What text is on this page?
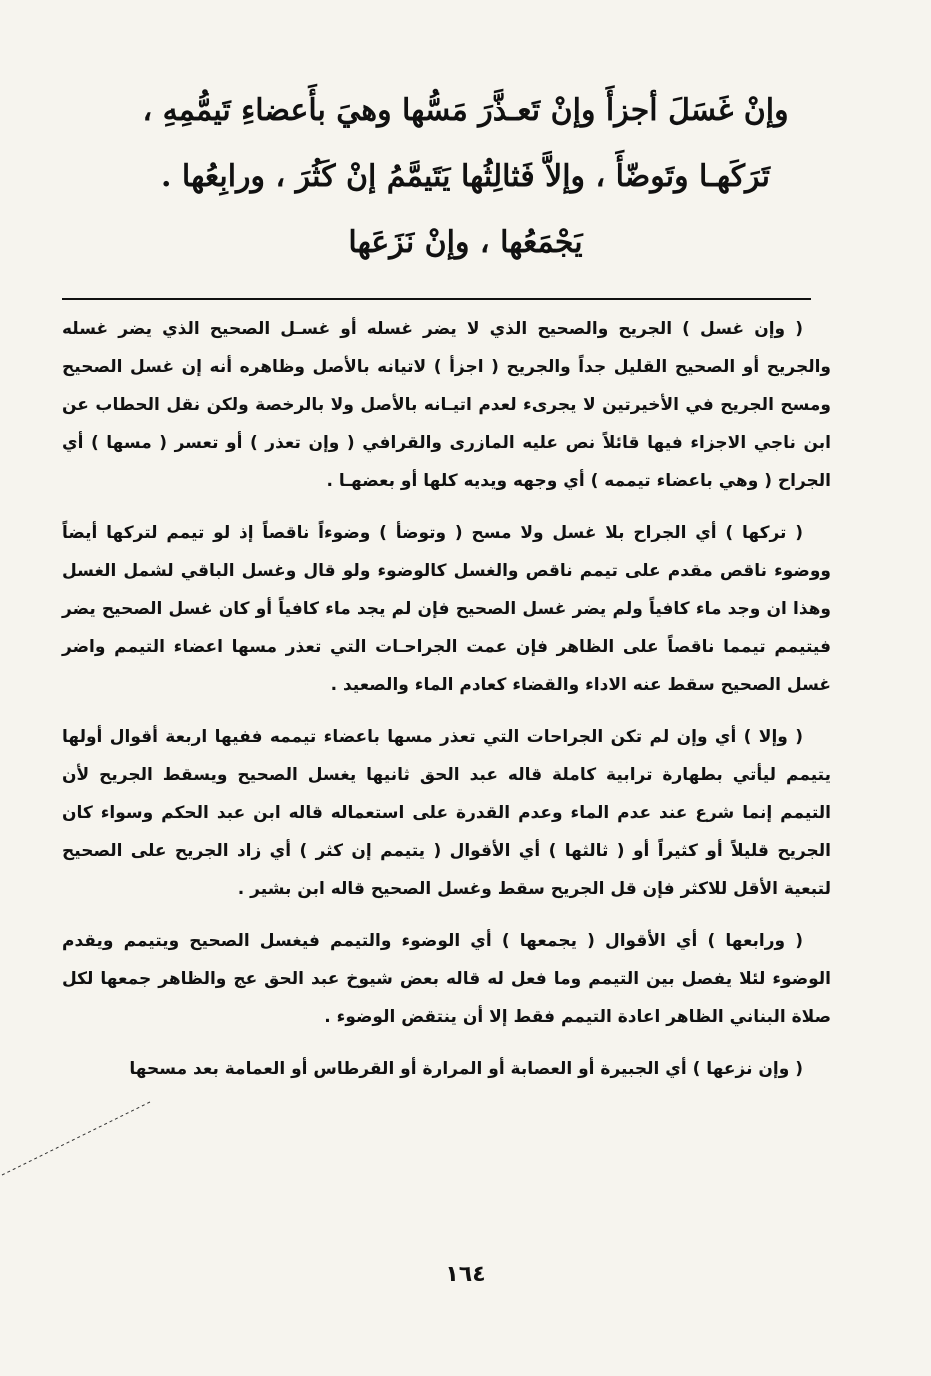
وإنْ غَسَلَ أجزأَ وإنْ تَعـذَّرَ مَسُّها وهيَ بأَعضاءِ تَيمُّمِهِ ،
تَرَكَهـا وتَوضّأَ ، وإلاَّ فَثالِثُها يَتَيمَّمُ إنْ كَثُرَ ، ورابِعُها .
يَجْمَعُها ، وإنْ نَزَعَها

( وإن غسل ) الجريح والصحيح الذي لا يضر غسله أو غسـل الصحيح الذي يضر غسله والجريح أو الصحيح القليل جداً والجريح ( اجزأ ) لاتيانه بالأصل وظاهره أنه إن غسل الصحيح ومسح الجريح في الأخيرتين لا يجرىء لعدم اتيـانه بالأصل ولا بالرخصة ولكن نقل الحطاب عن ابن ناجي الاجزاء فيها قائلاً نص عليه المازرى والقرافي ( وإن تعذر ) أو تعسر ( مسها ) أي الجراح ( وهي باعضاء تيممه ) أي وجهه ويديه كلها أو بعضهـا .

( تركها ) أي الجراح بلا غسل ولا مسح ( وتوضأ ) وضوءاً ناقصاً إذ لو تيمم لتركها أيضاً ووضوء ناقص مقدم على تيمم ناقص والغسل كالوضوء ولو قال وغسل الباقي لشمل الغسل وهذا ان وجد ماء كافياً ولم يضر غسل الصحيح فإن لم يجد ماء كافياً أو كان غسل الصحيح يضر فيتيمم تيمما ناقصاً على الظاهر فإن عمت الجراحـات التي تعذر مسها اعضاء التيمم واضر غسل الصحيح سقط عنه الاداء والقضاء كعادم الماء والصعيد .

( وإلا ) أي وإن لم تكن الجراحات التي تعذر مسها باعضاء تيممه ففيها اربعة أقوال أولها يتيمم ليأتي بطهارة ترابية كاملة قاله عبد الحق ثانيها يغسل الصحيح ويسقط الجريح لأن التيمم إنما شرع عند عدم الماء وعدم القدرة على استعماله قاله ابن عبد الحكم وسواء كان الجريح قليلاً أو كثيراً أو ( ثالثها ) أي الأقوال ( يتيمم إن كثر ) أي زاد الجريح على الصحيح لتبعية الأقل للاكثر فإن قل الجريح سقط وغسل الصحيح قاله ابن بشير .

( ورابعها ) أي الأقوال ( يجمعها ) أي الوضوء والتيمم فيغسل الصحيح ويتيمم ويقدم الوضوء لئلا يفصل بين التيمم وما فعل له قاله بعض شيوخ عبد الحق عج والظاهر جمعها لكل صلاة البناني الظاهر اعادة التيمم فقط إلا أن ينتقض الوضوء .

( وإن نزعها ) أي الجبيرة أو العصابة أو المرارة أو القرطاس أو العمامة بعد مسحها

١٦٤
